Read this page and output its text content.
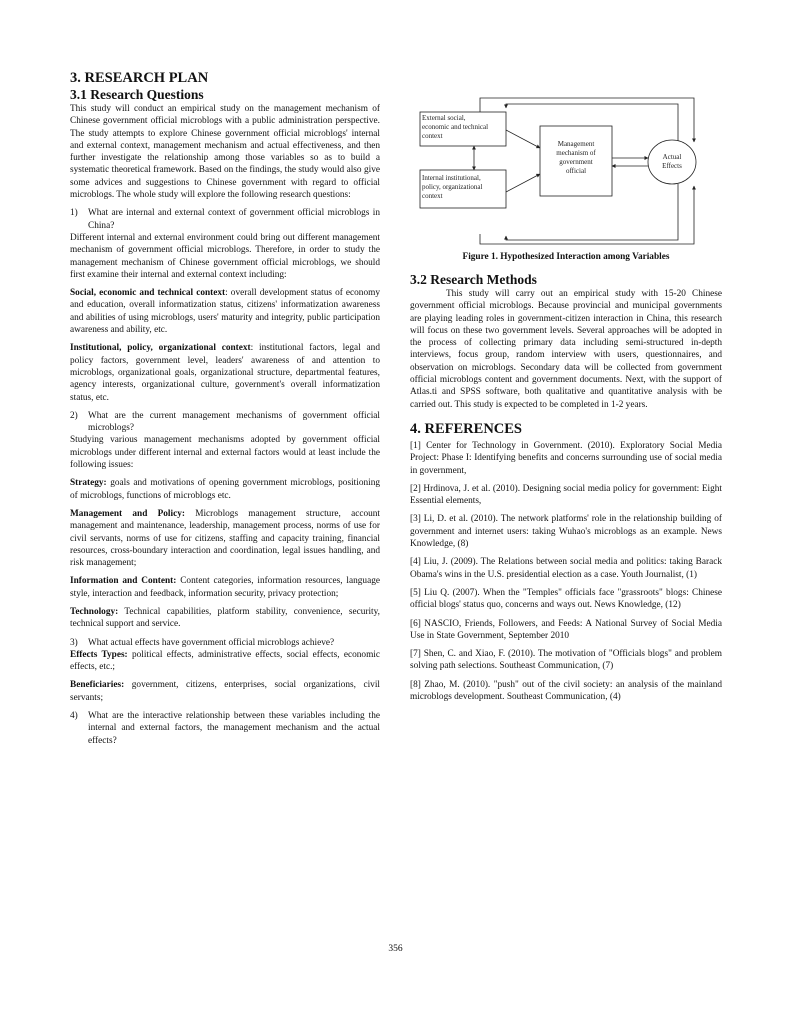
3. RESEARCH PLAN
3.1 Research Questions

This study will conduct an empirical study on the management mechanism of Chinese government official microblogs with a public administration perspective. The study attempts to explore Chinese government official microblogs' internal and external context, management mechanism and actual effectiveness, and then further investigate the relationship among those variables so as to build a systematic theoretical framework. Based on the findings, the study would also give some advices and suggestions to Chinese government with regard to official microblogs. The whole study will explore the following research questions:

1)	What are internal and external context of government official microblogs in China?

Different internal and external environment could bring out different management mechanism of government official microblogs. Therefore, in order to study the management mechanism of Chinese government official microblogs, we should first examine their internal and external context including:

Social, economic and technical context: overall development status of economy and education, overall informatization status, citizens' informatization awareness and abilities of using microblogs, users' maturity and integrity, public participation awareness and ability, etc.

Institutional, policy, organizational context: institutional factors, legal and policy factors, government level, leaders' awareness of and attention to microblogs, organizational goals, organizational structure, departmental features, agency interests, organizational culture, government's overall informatization status, etc.

2)	What are the current management mechanisms of government official microblogs?

Studying various management mechanisms adopted by government official microblogs under different internal and external factors would at least include the following issues:

Strategy: goals and motivations of opening government microblogs, positioning of microblogs, functions of microblogs etc.

Management and Policy: Microblogs management structure, account management and maintenance, leadership, management process, norms of use for civil servants, norms of use for citizens, staffing and capacity training, financial resources, cross-boundary interaction and coordination, legal issues handling, and risk management;

Information and Content: Content categories, information resources, language style, interaction and feedback, information security, privacy protection;

Technology: Technical capabilities, platform stability, convenience, security, technical support and service.

3)	What actual effects have government official microblogs achieve?

Effects Types: political effects, administrative effects, social effects, economic effects, etc.;

Beneficiaries: government, citizens, enterprises, social organizations, civil servants;

4)	What are the interactive relationship between these variables including the internal and external factors, the management mechanism and the actual effects?
External social,
economic and technical
context
Internal institutional,
policy, organizational
context
Management
mechanism of
government
official
Actual
Effects
Figure 1. Hypothesized Interaction among Variables
3.2 Research Methods

This study will carry out an empirical study with 15-20 Chinese government official microblogs. Because provincial and municipal governments are playing leading roles in government-citizen interaction in China, this research will focus on these two government levels. Several approaches will be adopted in the process of collecting primary data including semi-structured in-depth interviews, focus group, random interview with users, questionnaires, and observation on microblogs. Secondary data will be collected from government official microblogs content and government documents. Next, with the support of Atlas.ti and SPSS software, both qualitative and quantitative analysis with be carried out. This study is expected to be completed in 1-2 years.

4. REFERENCES

[1] Center for Technology in Government. (2010). Exploratory Social Media Project: Phase I: Identifying benefits and concerns surrounding use of social media in government,

[2] Hrdinova, J. et al. (2010). Designing social media policy for government: Eight Essential elements,

[3] Li, D. et al. (2010). The network platforms' role in the relationship building of government and internet users: taking Wuhao's microblogs as an example. News Knowledge, (8)

[4] Liu, J. (2009). The Relations between social media and politics: taking Barack Obama's wins in the U.S. presidential election as a case. Youth Journalist, (1)

[5] Liu Q. (2007). When the "Temples" officials face "grassroots" blogs: Chinese official blogs' status quo, concerns and ways out. News Knowledge, (12)

[6] NASCIO, Friends, Followers, and Feeds: A National Survey of Social Media Use in State Government, September 2010

[7] Shen, C. and Xiao, F. (2010). The motivation of "Officials blogs" and problem solving path selections. Southeast Communication, (7)

[8] Zhao, M. (2010). "push" out of the civil society: an analysis of the mainland microblogs development. Southeast Communication, (4)

356
